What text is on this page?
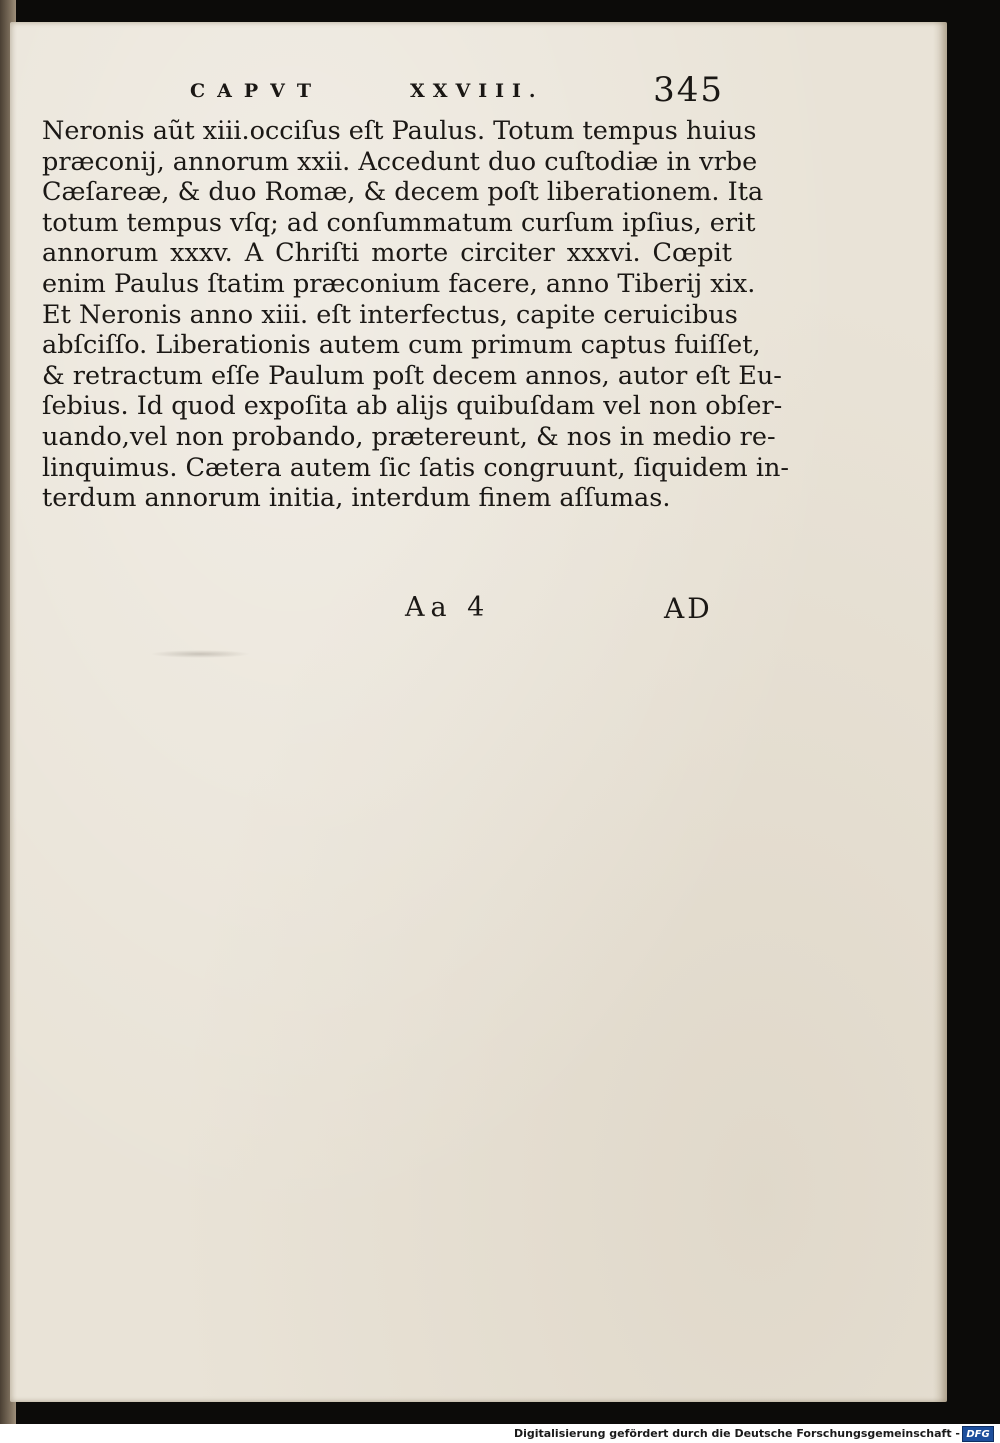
CAPVT	XXVIII.	345
Neronis aũt xiii.occiſus eſt Paulus. Totum tempus huius
præconij, annorum xxii. Accedunt duo cuſtodiæ in vrbe
Cæſareæ, & duo Romæ, & decem poſt liberationem. Ita
totum tempus vſq; ad conſummatum curſum ipſius, erit
annorum xxxv. A Chriſti morte circiter xxxvi. Cœpit
enim Paulus ſtatim præconium facere, anno Tiberij xix.
Et Neronis anno xiii. eſt interfectus, capite ceruicibus
abſciſſo. Liberationis autem cum primum captus fuiſſet,
& retractum eſſe Paulum poſt decem annos, autor eſt Eu-
ſebius. Id quod expoſita ab alijs quibuſdam vel non obſer-
uando,vel non probando, prætereunt, & nos in medio re-
linquimus. Cætera autem ſic ſatis congruunt, ſiquidem in-
terdum annorum initia, interdum finem aſſumas.
Aa 4	AD
Digitalisierung gefördert durch die Deutsche Forschungsgemeinschaft - DFG
